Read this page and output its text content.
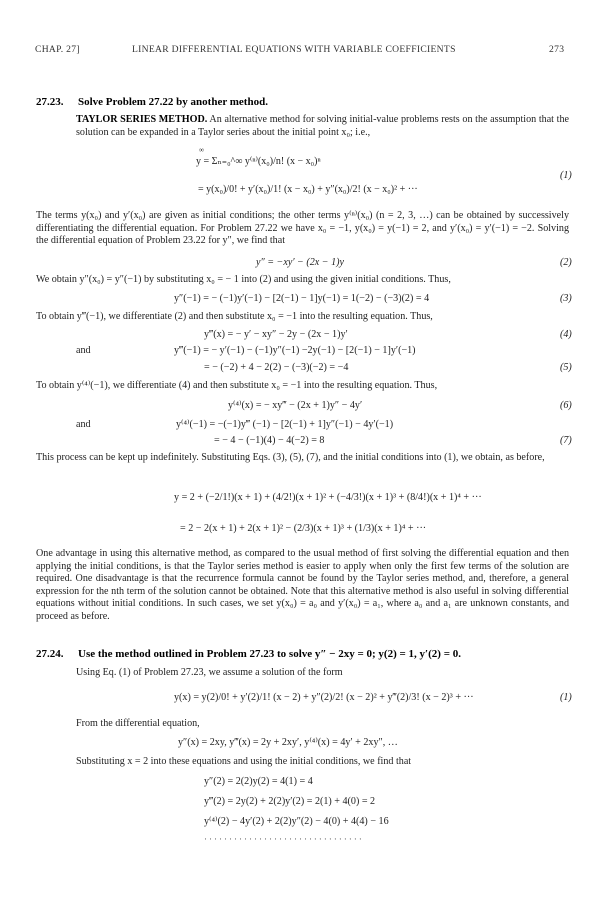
CHAP. 27]	LINEAR DIFFERENTIAL EQUATIONS WITH VARIABLE COEFFICIENTS	273
27.23. Solve Problem 27.22 by another method.
TAYLOR SERIES METHOD. An alternative method for solving initial-value problems rests on the assumption that the solution can be expanded in a Taylor series about the initial point x₀; i.e.,
∞
y = Σₙ₌₀^∞ y⁽ⁿ⁾(x₀)/n! (x − x₀)ⁿ
= y(x₀)/0! + y′(x₀)/1! (x − x₀) + y″(x₀)/2! (x − x₀)² + ···
(1)
The terms y(x₀) and y′(x₀) are given as initial conditions; the other terms y⁽ⁿ⁾(x₀) (n = 2, 3, …) can be obtained by successively differentiating the differential equation. For Problem 27.22 we have x₀ = −1, y(x₀) = y(−1) = 2, and y′(x₀) = y′(−1) = −2. Solving the differential equation of Problem 23.22 for y″, we find that
y″ = −xy′ − (2x − 1)y	(2)
We obtain y″(x₀) = y″(−1) by substituting x₀ = − 1 into (2) and using the given initial conditions. Thus,
y″(−1) = − (−1)y′(−1) − [2(−1) − 1]y(−1) = 1(−2) − (−3)(2) = 4	(3)
To obtain y‴(−1), we differentiate (2) and then substitute x₀ = −1 into the resulting equation. Thus,
y‴(x) = − y′ − xy″ − 2y − (2x − 1)y′	(4)
and	y‴(−1) = − y′(−1) − (−1)y″(−1) −2y(−1) − [2(−1) − 1]y′(−1)
= − (−2) + 4 − 2(2) − (−3)(−2) = −4	(5)
To obtain y⁽⁴⁾(−1), we differentiate (4) and then substitute x₀ = −1 into the resulting equation. Thus,
y⁽⁴⁾(x) = − xy‴ − (2x + 1)y″ − 4y′	(6)
and	y⁽⁴⁾(−1) = −(−1)y‴ (−1) − [2(−1) + 1]y″(−1) − 4y′(−1)
= − 4 − (−1)(4) − 4(−2) = 8	(7)
This process can be kept up indefinitely. Substituting Eqs. (3), (5), (7), and the initial conditions into (1), we obtain, as before,
y = 2 + (−2/1!)(x + 1) + (4/2!)(x + 1)² + (−4/3!)(x + 1)³ + (8/4!)(x + 1)⁴ + ···
= 2 − 2(x + 1) + 2(x + 1)² − (2/3)(x + 1)³ + (1/3)(x + 1)⁴ + ···
One advantage in using this alternative method, as compared to the usual method of first solving the differential equation and then applying the initial conditions, is that the Taylor series method is easier to apply when only the first few terms of the solution are required. One disadvantage is that the recurrence formula cannot be found by the Taylor series method, and, therefore, a general expression for the nth term of the solution cannot be obtained. Note that this alternative method is also useful in solving differential equations without initial conditions. In such cases, we set y(x₀) = a₀ and y′(x₀) = a₁, where a₀ and a₁ are unknown constants, and proceed as before.
27.24. Use the method outlined in Problem 27.23 to solve y″ − 2xy = 0; y(2) = 1, y′(2) = 0.
Using Eq. (1) of Problem 27.23, we assume a solution of the form
y(x) = y(2)/0! + y′(2)/1! (x − 2) + y″(2)/2! (x − 2)² + y‴(2)/3! (x − 2)³ + ···	(1)
From the differential equation,
y″(x) = 2xy, y‴(x) = 2y + 2xy′, y⁽⁴⁾(x) = 4y′ + 2xy″, …
Substituting x = 2 into these equations and using the initial conditions, we find that
y″(2) = 2(2)y(2) = 4(1) = 4
y‴(2) = 2y(2) + 2(2)y′(2) = 2(1) + 4(0) = 2
y⁽⁴⁾(2) − 4y′(2) + 2(2)y″(2) − 4(0) + 4(4) − 16
································
